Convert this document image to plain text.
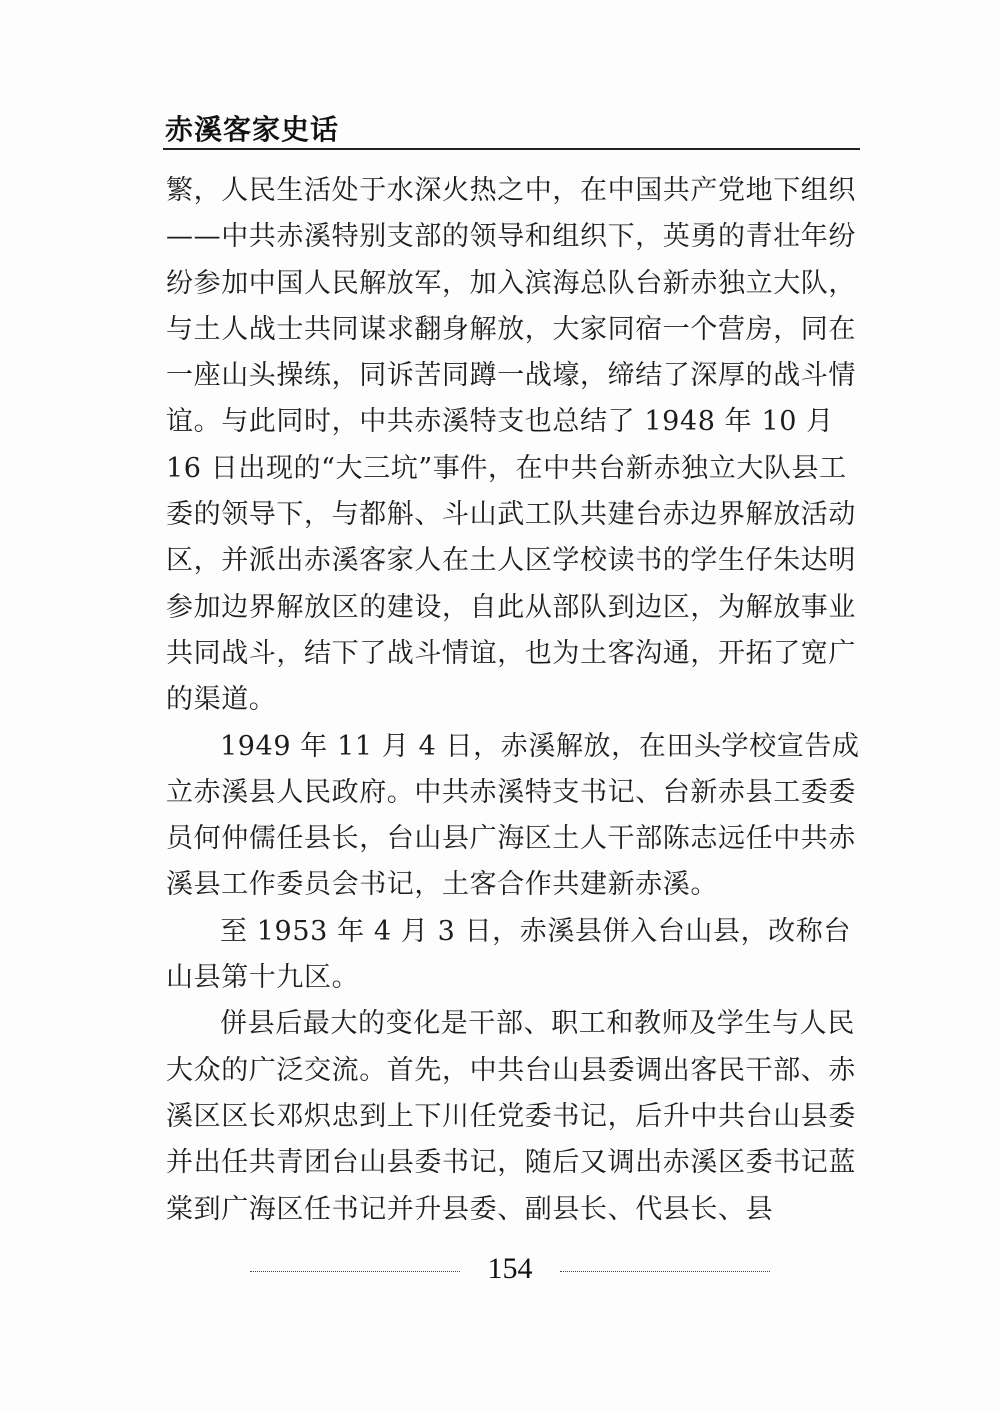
赤溪客家史话

繁，人民生活处于水深火热之中，在中国共产党地下组织——中共赤溪特别支部的领导和组织下，英勇的青壮年纷纷参加中国人民解放军，加入滨海总队台新赤独立大队，与土人战士共同谋求翻身解放，大家同宿一个营房，同在一座山头操练，同诉苦同蹲一战壕，缔结了深厚的战斗情谊。与此同时，中共赤溪特支也总结了 1948 年 10 月 16 日出现的“大三坑”事件，在中共台新赤独立大队县工委的领导下，与都斛、斗山武工队共建台赤边界解放活动区，并派出赤溪客家人在土人区学校读书的学生仔朱达明参加边界解放区的建设，自此从部队到边区，为解放事业共同战斗，结下了战斗情谊，也为土客沟通，开拓了宽广的渠道。

1949 年 11 月 4 日，赤溪解放，在田头学校宣告成立赤溪县人民政府。中共赤溪特支书记、台新赤县工委委员何仲儒任县长，台山县广海区土人干部陈志远任中共赤溪县工作委员会书记，土客合作共建新赤溪。

至 1953 年 4 月 3 日，赤溪县併入台山县，改称台山县第十九区。

併县后最大的变化是干部、职工和教师及学生与人民大众的广泛交流。首先，中共台山县委调出客民干部、赤溪区区长邓炽忠到上下川任党委书记，后升中共台山县委并出任共青团台山县委书记，随后又调出赤溪区委书记蓝棠到广海区任书记并升县委、副县长、代县长、县

154
